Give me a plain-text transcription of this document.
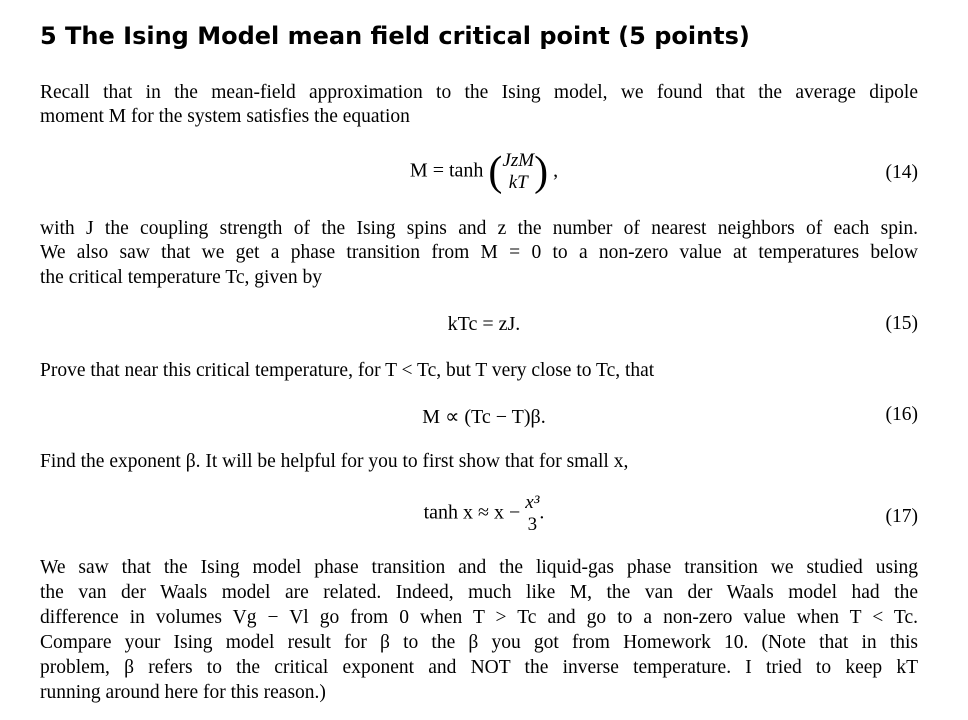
5 The Ising Model mean field critical point (5 points)
Recall that in the mean-field approximation to the Ising model, we found that the average dipole
moment M for the system satisfies the equation
M = tanh ( JzM
kT ) ,	(14)
with J the coupling strength of the Ising spins and z the number of nearest neighbors of each spin.
We also saw that we get a phase transition from M = 0 to a non-zero value at temperatures below
the critical temperature Tc, given by
kTc = zJ.	(15)
Prove that near this critical temperature, for T < Tc, but T very close to Tc, that
M ∝ (Tc − T)β.	(16)
Find the exponent β. It will be helpful for you to first show that for small x,
tanh x ≈ x − x³
3
.	(17)
We saw that the Ising model phase transition and the liquid-gas phase transition we studied using
the van der Waals model are related. Indeed, much like M, the van der Waals model had the
difference in volumes Vg − Vl go from 0 when T > Tc and go to a non-zero value when T < Tc.
Compare your Ising model result for β to the β you got from Homework 10. (Note that in this
problem, β refers to the critical exponent and NOT the inverse temperature. I tried to keep kT
running around here for this reason.)
